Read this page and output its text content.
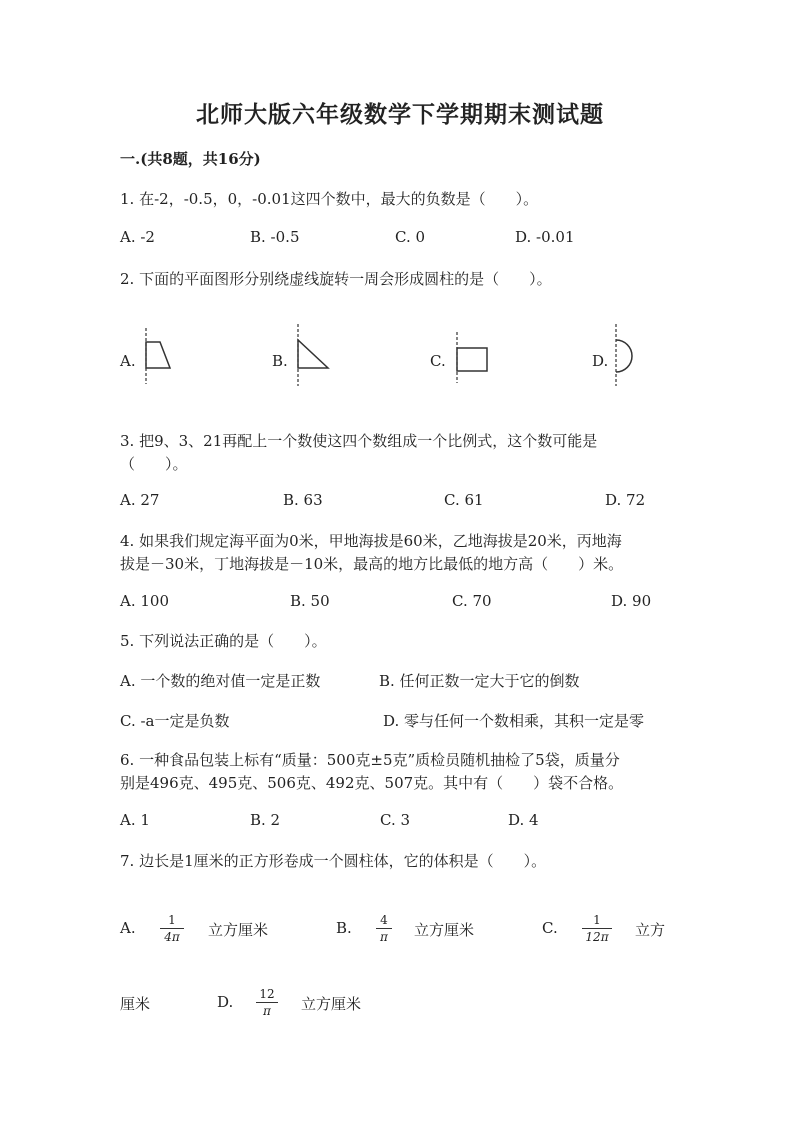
北师大版六年级数学下学期期末测试题
一.(共8题，共16分)
1. 在-2，-0.5，0，-0.01这四个数中，最大的负数是（　　）。
A. -2	B. -0.5	C. 0	D. -0.01
2. 下面的平面图形分别绕虚线旋转一周会形成圆柱的是（　　）。
A.	B.	C.	D.
3. 把9、3、21再配上一个数使这四个数组成一个比例式，这个数可能是
（　　）。
A. 27	B. 63	C. 61	D. 72
4. 如果我们规定海平面为0米，甲地海拔是60米，乙地海拔是20米，丙地海
拔是－30米，丁地海拔是－10米，最高的地方比最低的地方高（　　）米。
A. 100	B. 50	C. 70	D. 90
5. 下列说法正确的是（　　）。
A. 一个数的绝对值一定是正数	B. 任何正数一定大于它的倒数
C. -a一定是负数	D. 零与任何一个数相乘，其积一定是零
6. 一种食品包装上标有“质量：500克±5克”质检员随机抽检了5袋，质量分
别是496克、495克、506克、492克、507克。其中有（　　）袋不合格。
A. 1	B. 2	C. 3	D. 4
7. 边长是1厘米的正方形卷成一个圆柱体，它的体积是（　　）。
A.	1
4π 立方厘米	B. 4
π 立方厘米	C.	1
12π 立方
厘米	D. 12
π 立方厘米
